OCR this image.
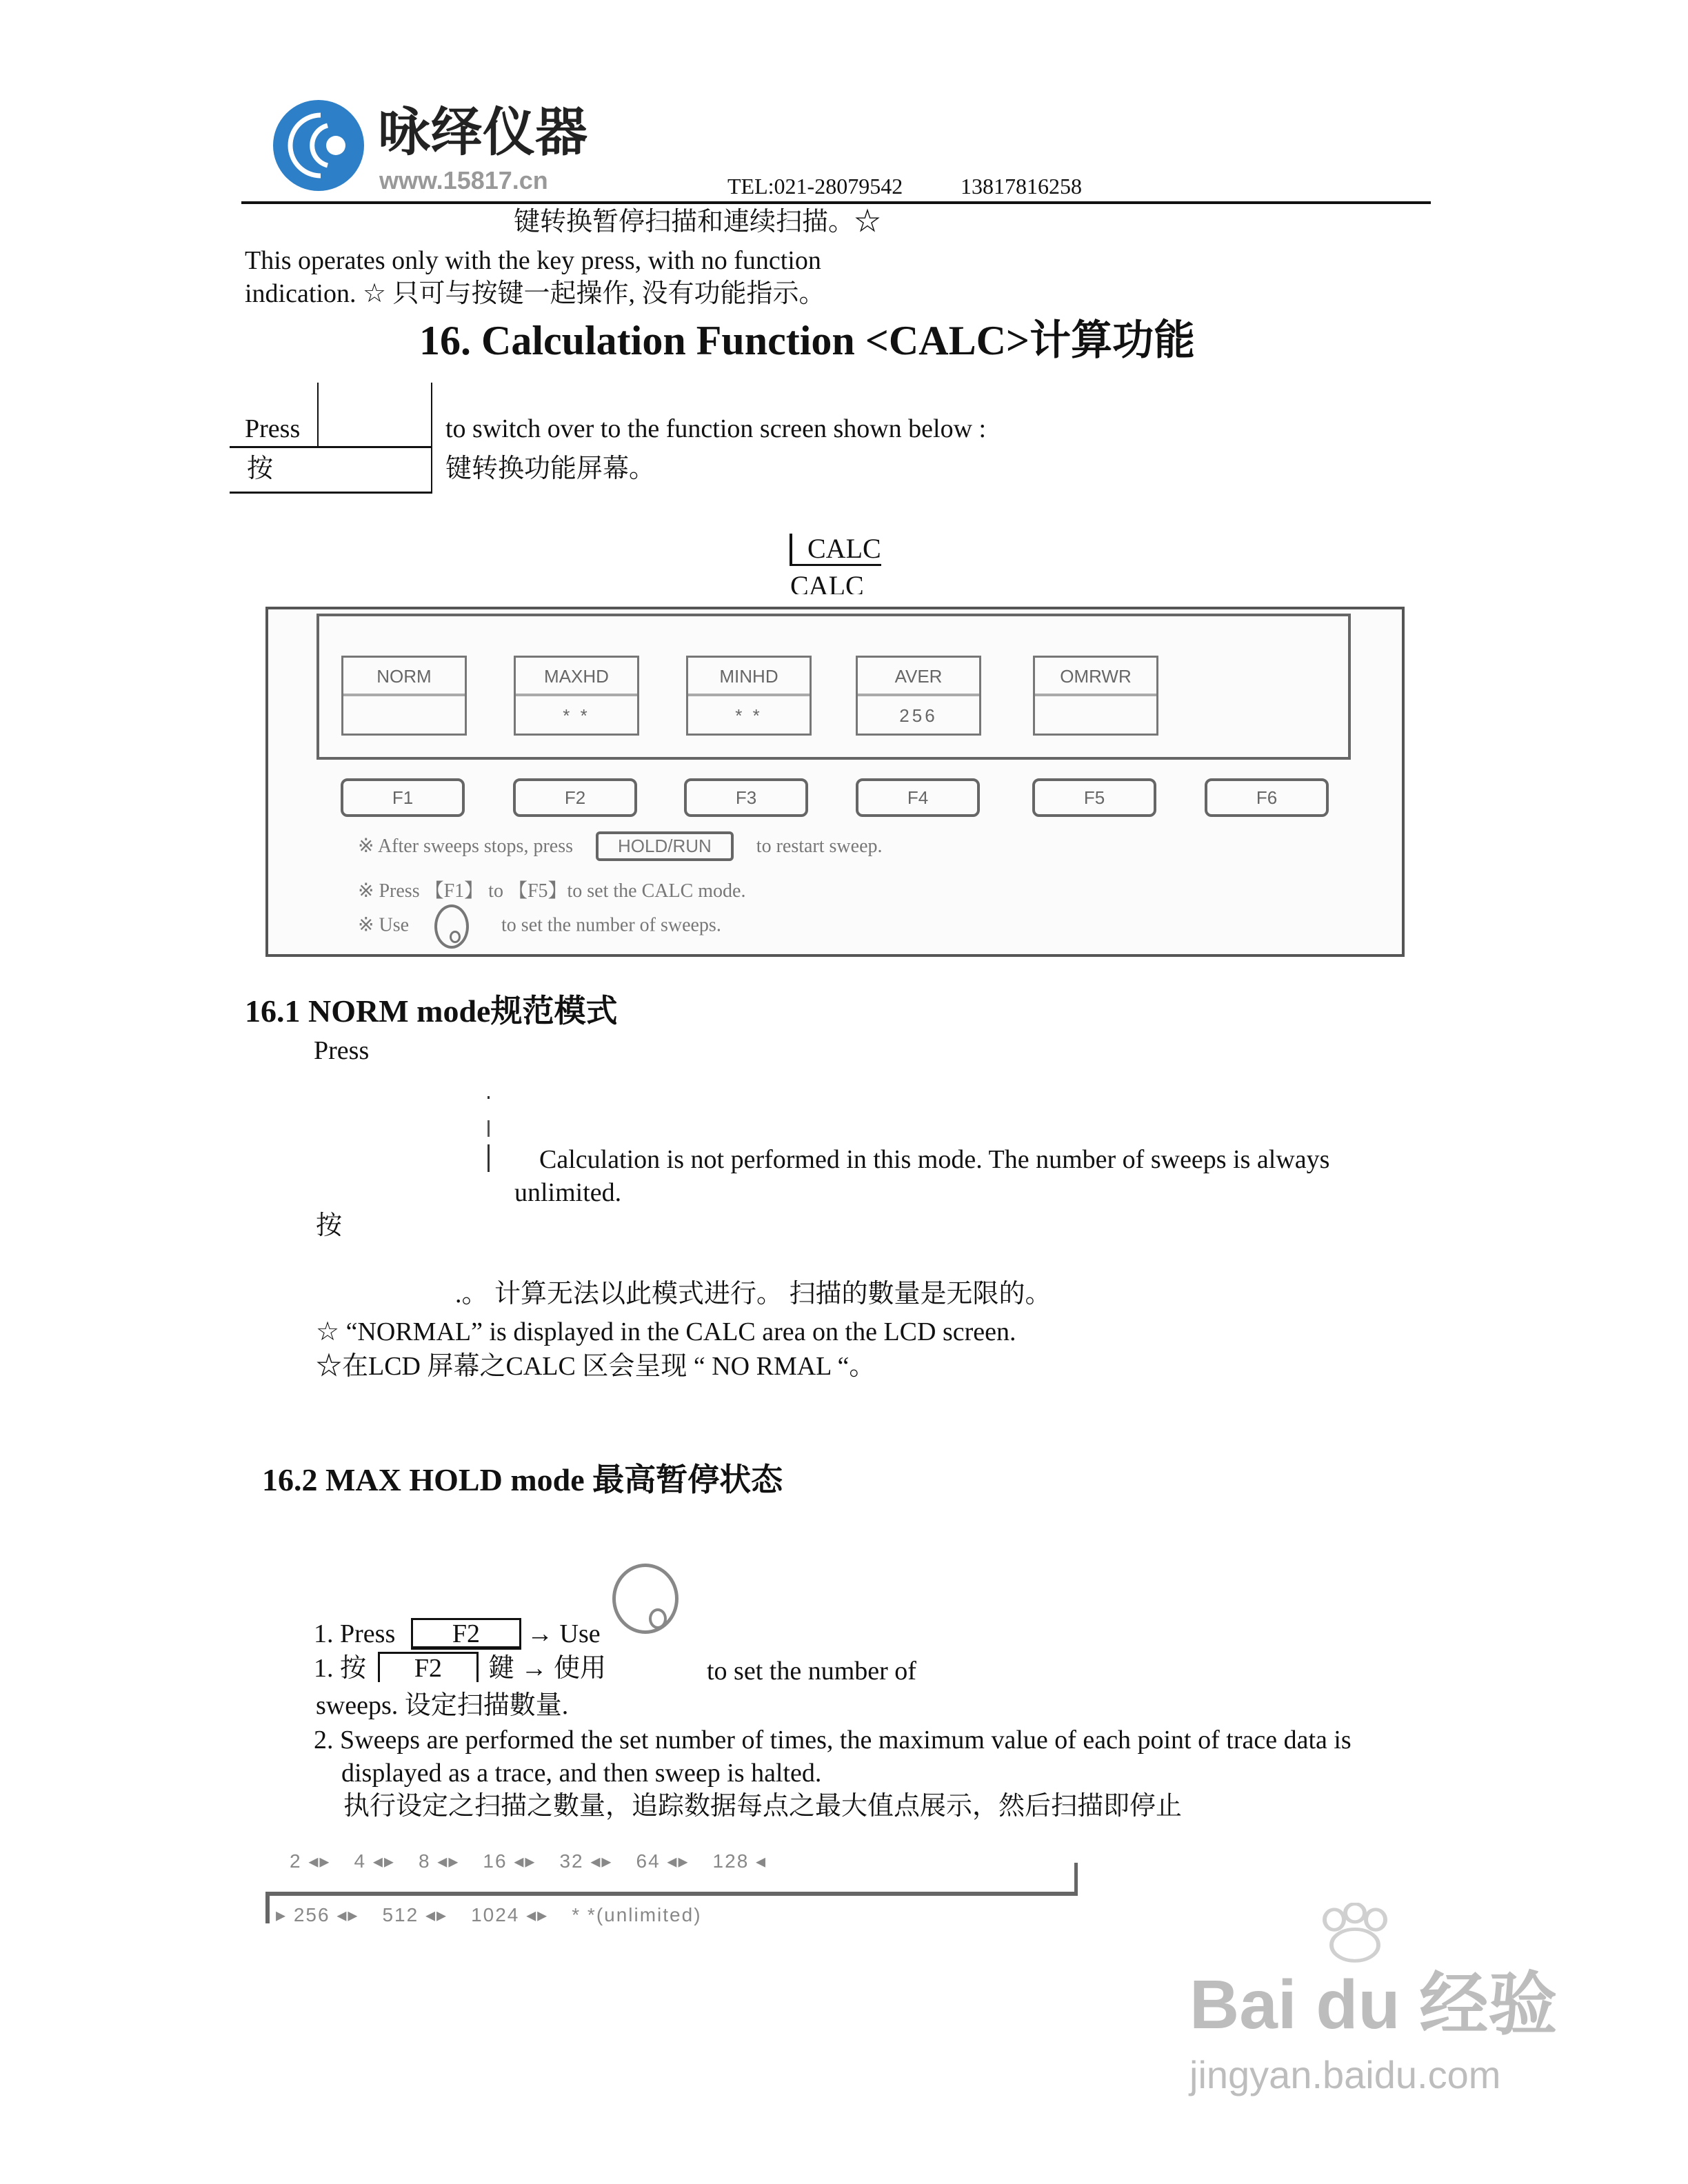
咏绎仪器
www.15817.cn	TEL:021-28079542	13817816258
键转换暂停扫描和連续扫描。☆
This operates only with the key press, with no function
indication. ☆ 只可与按键一起操作, 没有功能指示。
16. Calculation Function <CALC>计算功能
Press
按
to switch over to the function screen shown below :
键转换功能屏幕。
CALC
CALC
NORM	MAXHD
* *
MINHD
* *
AVER
256
OMRWR
F1	F2	F3	F4	F5	F6
※ After sweeps stops, press	HOLD/RUN to restart sweep.
※ Press 【F1】 to 【F5】to set the CALC mode.
※ Use	to set the number of sweeps.
16.1 NORM mode规范模式
Press
Calculation is not performed in this mode. The number of sweeps is always
unlimited.
按
.。 计算无法以此模式进行。 扫描的數量是无限的。
☆ “NORMAL” is displayed in the CALC area on the LCD screen.
☆在LCD 屏幕之CALC 区会呈现 “ NO RMAL “。
16.2 MAX HOLD mode 最高暂停状态
1. Press	F2	→ Use
1. 按	F2	鍵 → 使用	to set the number of
sweeps. 设定扫描數量.
2. Sweeps are performed the set number of times, the maximum value of each point of trace data is
displayed as a trace, and then sweep is halted.
执行设定之扫描之數量，追踪数据每点之最大值点展示，然后扫描即停止
2 ◂▸ 4 ◂▸ 8 ◂▸ 16 ◂▸ 32 ◂▸ 64 ◂▸ 128 ◂
▸ 256 ◂▸ 512 ◂▸ 1024 ◂▸ * *(unlimited)
Bai du 经验
jingyan.baidu.com
